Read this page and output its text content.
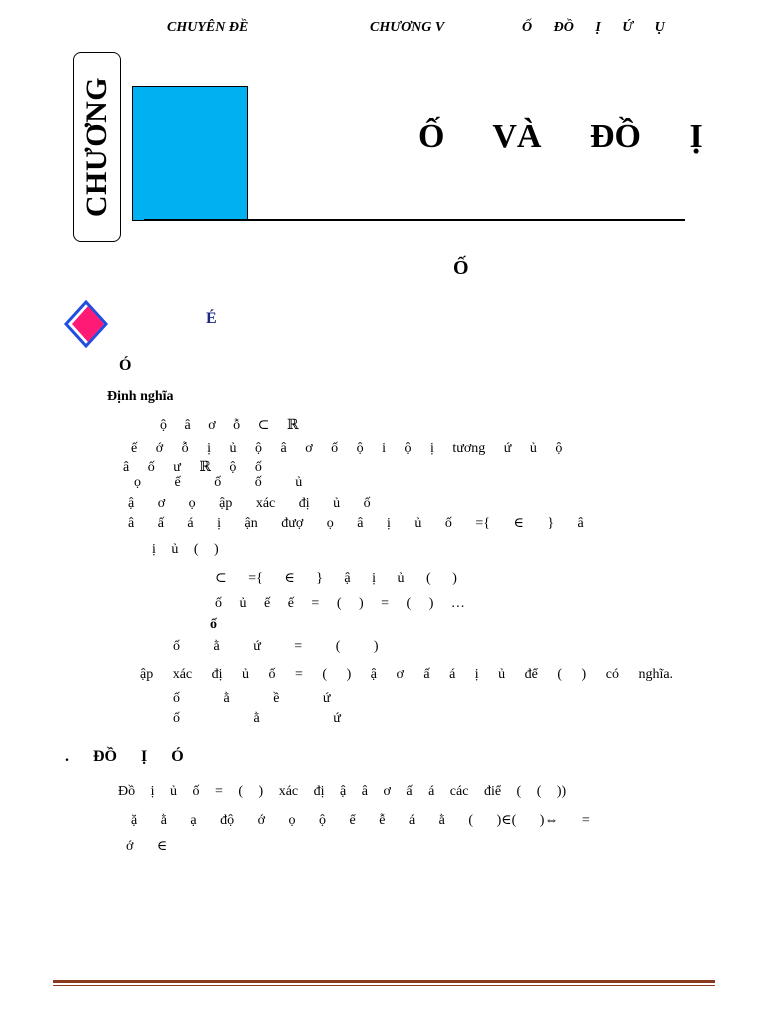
CHUYÊN ĐỀ	CHƯƠNG V	Ố ĐỒ Ị Ứ Ụ
CHƯƠNG	Ố VÀ ĐỒ Ị
Ố
É
Ó
Định nghĩa
ộ â ơ ỗ ⊂ ℝ
ế ớ ỗ ị ủ ộ â ơ ố ộ i ộ ị tương ứ ủ ộ
â ố ư ℝ ộ ố
ọ ế ố ố ủ
ậ ơ ọ ập xác đị ủ ố
â ấ á ị ận đượ ọ â ị ủ ố ={ ∈ } â
ị ủ ( )
⊂ ={ ∈ } ậ ị ủ ( )
ố ủ ế ế = ( ) = ( ) …
ố
ố ằ ứ = ( )
ập xác đị ủ ố = ( ) ậ ơ ấ á ị ủ để ( ) có nghĩa.
ố ằ ề ứ
ố ằ ứ
. ĐỒ Ị Ó
Đồ ị ủ ố = ( ) xác đị ậ â ơ ấ á các điể ( ( ))
ặ ằ ạ độ ớ ọ ộ ể ễ á ằ ( )∈( )⇔ =
ớ ∈
